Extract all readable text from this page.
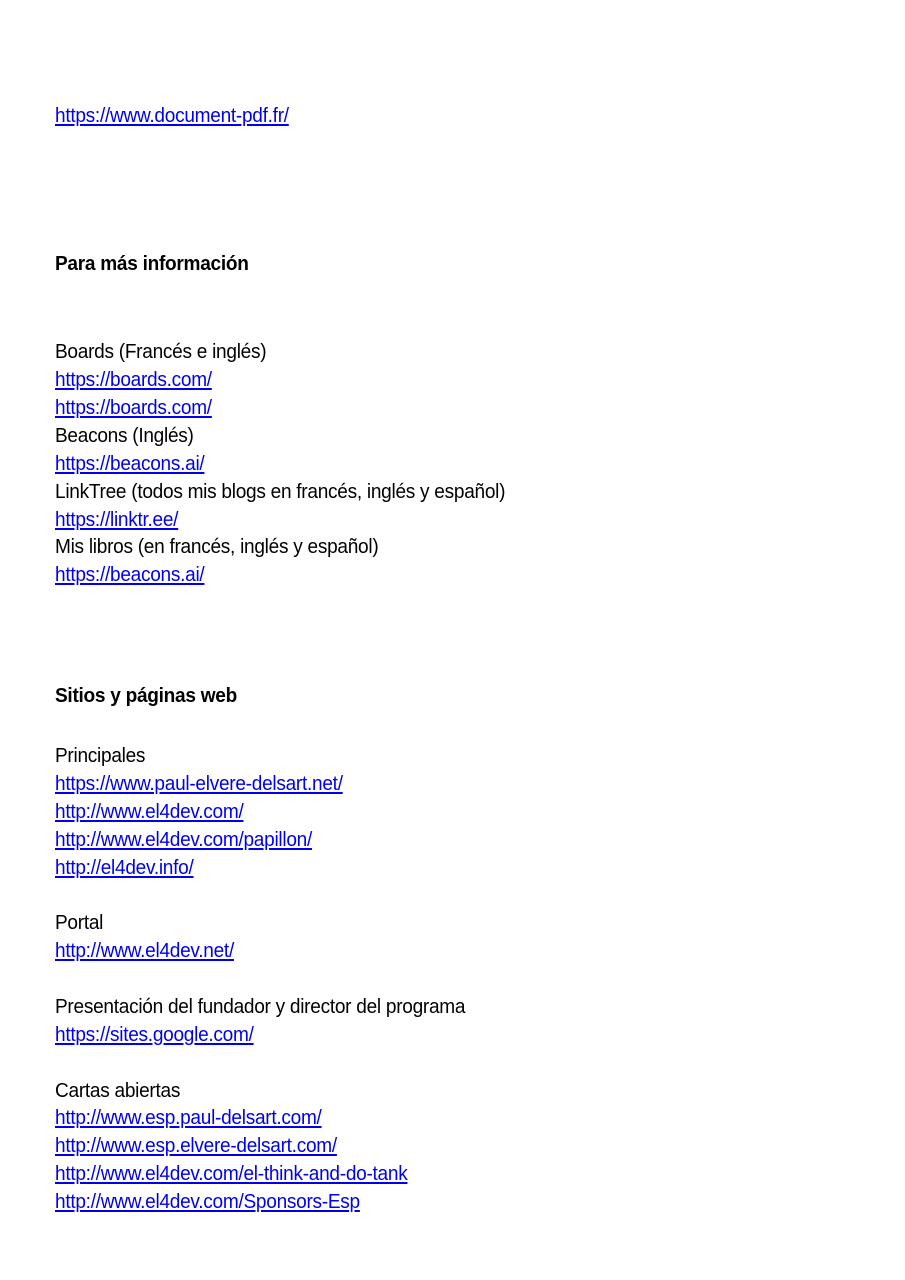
https://www.document-pdf.fr/
Para más información
Boards (Francés e inglés)
https://boards.com/
https://boards.com/
Beacons (Inglés)
https://beacons.ai/
LinkTree (todos mis blogs en francés, inglés y español)
https://linktr.ee/
Mis libros (en francés, inglés y español)
https://beacons.ai/
Sitios y páginas web
Principales
https://www.paul-elvere-delsart.net/
http://www.el4dev.com/
http://www.el4dev.com/papillon/
http://el4dev.info/
Portal
http://www.el4dev.net/
Presentación del fundador y director del programa
https://sites.google.com/
Cartas abiertas
http://www.esp.paul-delsart.com/
http://www.esp.elvere-delsart.com/
http://www.el4dev.com/el-think-and-do-tank
http://www.el4dev.com/Sponsors-Esp
